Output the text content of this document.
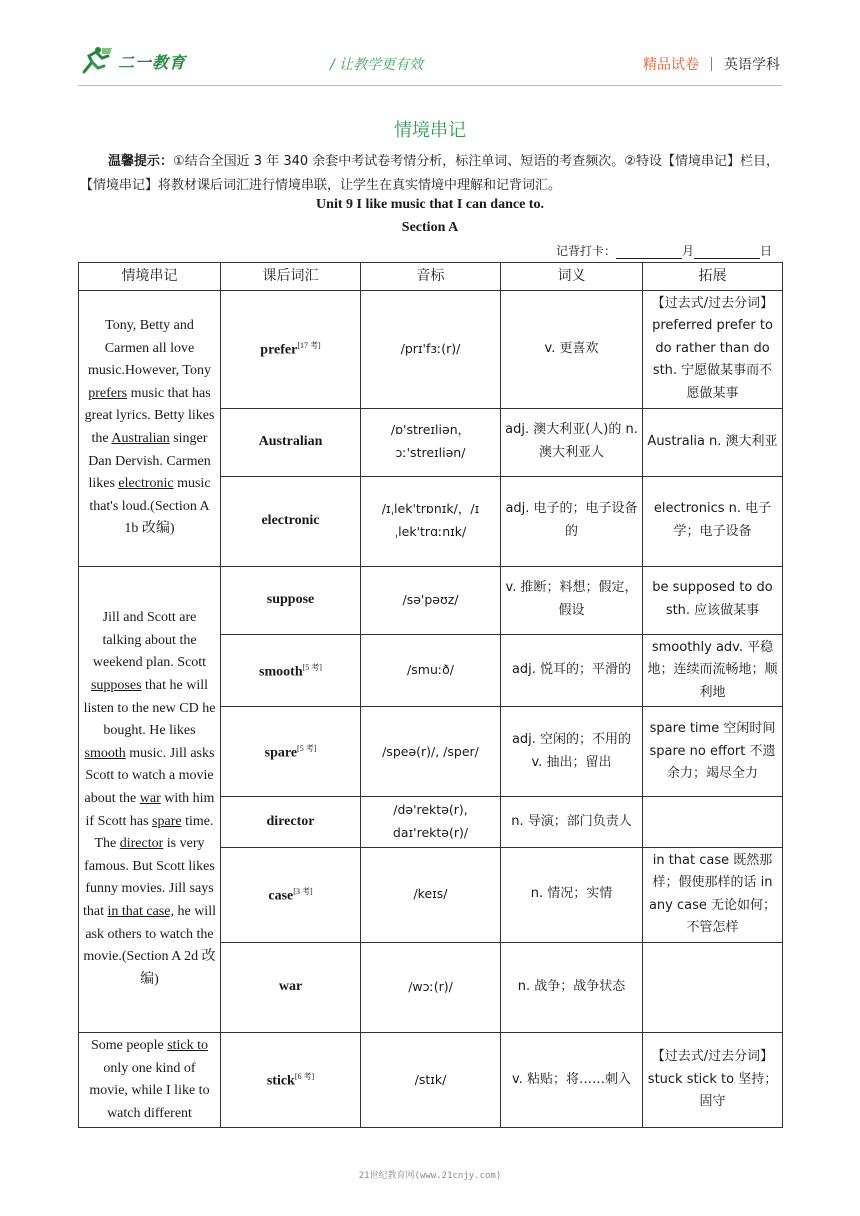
二一教育	/ 让教学更有效	精品试卷 英语学科
情境串记
温馨提示：①结合全国近 3 年 340 余套中考试卷考情分析，标注单词、短语的考查频次。②特设【情境串记】栏目，【情境串记】将教材课后词汇进行情境串联，让学生在真实情境中理解和记背词汇。
Unit 9 I like music that I can dance to.
Section A
记背打卡：	月	日
情境串记	课后词汇	音标	词义	拓展
Tony, Betty and Carmen all love music.However, Tony prefers music that has great lyrics. Betty likes the Australian singer Dan Dervish. Carmen likes electronic music that's loud.(Section A 1b 改编)	prefer[17 考]	/prɪ'fɜː(r)/	v. 更喜欢	【过去式/过去分词】preferred prefer to do rather than do sth. 宁愿做某事而不愿做某事
	Australian	/ɒ'streɪliən，ɔː'streɪliən/	adj. 澳大利亚(人)的 n. 澳大利亚人	Australia n. 澳大利亚
	electronic	/ɪˌlek'trɒnɪk/，/ɪˌlek'trɑːnɪk/	adj. 电子的；电子设备的	electronics n. 电子学；电子设备
Jill and Scott are talking about the weekend plan. Scott supposes that he will listen to the new CD he bought. He likes smooth music. Jill asks Scott to watch a movie about the war with him if Scott has spare time. The director is very famous. But Scott likes funny movies. Jill says that in that case, he will ask others to watch the movie.(Section A 2d 改编)	suppose	/sə'pəʊz/	v. 推断；料想；假定，假设	be supposed to do sth. 应该做某事
	smooth[5 考]	/smuːð/	adj. 悦耳的；平滑的	smoothly adv. 平稳地；连续而流畅地；顺利地
	spare[5 考]	/speə(r)/, /sper/	adj. 空闲的；不用的 v. 抽出；留出	spare time 空闲时间 spare no effort 不遗余力；竭尽全力
	director	/də'rektə(r), daɪ'rektə(r)/	n. 导演；部门负责人	
	case[3 考]	/keɪs/	n. 情况；实情	in that case 既然那样；假使那样的话 in any case 无论如何；不管怎样
	war	/wɔː(r)/	n. 战争；战争状态	
Some people stick to only one kind of movie, while I like to watch different	stick[6 考]	/stɪk/	v. 粘贴；将……刺入	【过去式/过去分词】stuck stick to 坚持；固守
21世纪教育网(www.21cnjy.com)
